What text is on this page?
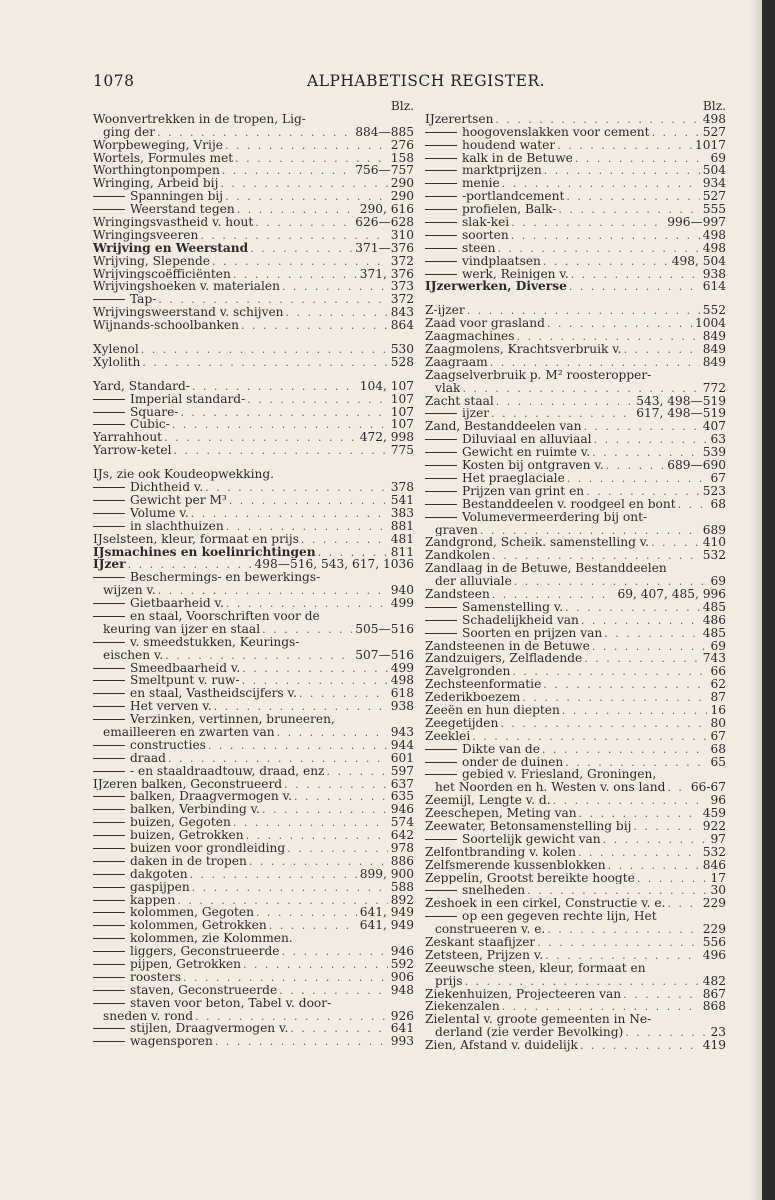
1078	ALPHABETISCH REGISTER.
Blz.
Woonvertrekken in de tropen, Lig-
ging der . . .	884—885
Worpbeweging, Vrije . . .	276
Wortels, Formules met . . .	158
Worthingtonpompen . . .	756—757
Wringing, Arbeid bij . . .	290
Spanningen bij . . .	290
Weerstand tegen . . .	290, 616
Wringingsvastheid v. hout . . .	626—628
Wringingsveeren . . .	310
Wrijving en Weerstand . . .	371—376
Wrijving, Slepende . . .	372
Wrijvingscoëfficiënten . . .	371, 376
Wrijvingshoeken v. materialen . . .	373
Tap- . . .	372
Wrijvingsweerstand v. schijven . . .	843
Wijnands-schoolbanken . . .	864
Xylenol . . .	530
Xylolith . . .	528
Yard, Standard- . . .	104, 107
Imperial standard- . . .	107
Square- . . .	107
Cubic- . . .	107
Yarrahhout . . .	472, 998
Yarrow-ketel . . .	775
IJs, zie ook Koudeopwekking.
Dichtheid v. . . .	378
Gewicht per M³ . . .	541
Volume v. . . .	383
in slachthuizen . . .	881
IJselsteen, kleur, formaat en prijs . . .	481
IJsmachines en koelinrichtingen . . .	811
IJzer . . .	498—516, 543, 617, 1036
Beschermings- en bewerkings-
wijzen v. . . .	940
Gietbaarheid v. . . .	499
en staal, Voorschriften voor de
keuring van ijzer en staal . . .	505—516
v. smeedstukken, Keurings-
eischen v. . . .	507—516
Smeedbaarheid v. . . .	499
Smeltpunt v. ruw- . . .	498
en staal, Vastheidscijfers v. . . .	618
Het verven v. . . .	938
Verzinken, vertinnen, bruneeren,
emailleeren en zwarten van . . .	943
constructies . . .	944
draad . . .	601
- en staaldraadtouw, draad, enz . . .	597
IJzeren balken, Geconstrueerd . . .	637
balken, Draagvermogen v. . . .	635
balken, Verbinding v. . . .	946
buizen, Gegoten . . .	574
buizen, Getrokken . . .	642
buizen voor grondleiding . . .	978
daken in de tropen . . .	886
dakgoten . . .	899, 900
gaspijpen . . .	588
kappen . . .	892
kolommen, Gegoten . . .	641, 949
kolommen, Getrokken . . .	641, 949
kolommen, zie Kolommen.
liggers, Geconstrueerde . . .	946
pijpen, Getrokken . . .	592
roosters . . .	906
staven, Geconstrueerde . . .	948
staven voor beton, Tabel v. door-
sneden v. rond . . .	926
stijlen, Draagvermogen v. . . .	641
wagensporen . . .	993
Blz.
IJzerertsen . . .	498
hoogovenslakken voor cement . . .	527
houdend water . . .	1017
kalk in de Betuwe . . .	69
marktprijzen . . .	504
menie . . .	934
-portlandcement . . .	527
profielen, Balk- . . .	555
slak-kei . . .	996—997
soorten . . .	498
steen . . .	498
vindplaatsen . . .	498, 504
werk, Reinigen v. . . .	938
IJzerwerken, Diverse . . .	614
Z-ijzer . . .	552
Zaad voor grasland . . .	1004
Zaagmachines . . .	849
Zaagmolens, Krachtsverbruik v. . . .	849
Zaagraam . . .	849
Zaagselverbruik p. M² roosteropper-
vlak . . .	772
Zacht staal . . .	543, 498—519
ijzer . . .	617, 498—519
Zand, Bestanddeelen van . . .	407
Diluviaal en alluviaal . . .	63
Gewicht en ruimte v. . . .	539
Kosten bij ontgraven v. . . .	689—690
Het praeglaciale . . .	67
Prijzen van grint en . . .	523
Bestanddeelen v. roodgeel en bont . . .	68
Volumevermeerdering bij ont-
graven . . .	689
Zandgrond, Scheik. samenstelling v. . . .	410
Zandkolen . . .	532
Zandlaag in de Betuwe, Bestanddeelen
der alluviale . . .	69
Zandsteen . . .	69, 407, 485, 996
Samenstelling v. . . .	485
Schadelijkheid van . . .	486
Soorten en prijzen van . . .	485
Zandsteenen in de Betuwe . . .	69
Zandzuigers, Zelfladende . . .	743
Zavelgronden . . .	66
Zechsteenformatie . . .	62
Zederikboezem . . .	87
Zeeën en hun diepten . . .	16
Zeegetijden . . .	80
Zeeklei . . .	67
Dikte van de . . .	68
onder de duinen . . .	65
gebied v. Friesland, Groningen,
het Noorden en h. Westen v. ons land . . . 66-67
Zeemijl, Lengte v. d. . . .	96
Zeeschepen, Meting van . . .	459
Zeewater, Betonsamenstelling bij . . .	922
Soortelijk gewicht van . . .	97
Zelfontbranding v. kolen . . .	532
Zelfsmerende kussenblokken . . .	846
Zeppelin, Grootst bereikte hoogte . . .	17
snelheden . . .	30
Zeshoek in een cirkel, Constructie v. e. . . .	229
op een gegeven rechte lijn, Het
construeeren v. e. . . .	229
Zeskant staafijzer . . .	556
Zetsteen, Prijzen v. . . .	496
Zeeuwsche steen, kleur, formaat en
prijs . . .	482
Ziekenhuizen, Projecteeren van . . .	867
Ziekenzalen . . .	868
Zielental v. groote gemeenten in Ne-
derland (zie verder Bevolking) . . .	23
Zien, Afstand v. duidelijk . . .	419
